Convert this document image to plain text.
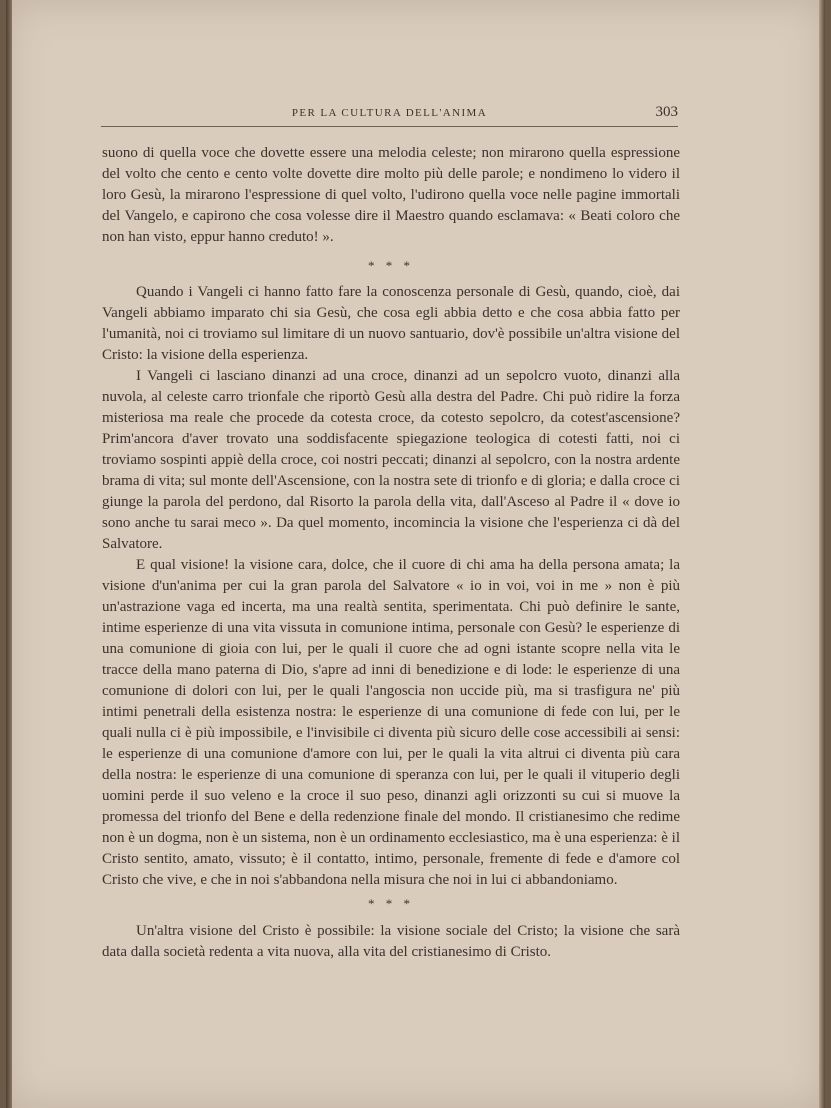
PER LA CULTURA DELL'ANIMA	303

suono di quella voce che dovette essere una melodia celeste; non mirarono quella espressione del volto che cento e cento volte dovette dire molto più delle parole; e nondimeno lo videro il loro Gesù, la mirarono l'espressione di quel volto, l'udirono quella voce nelle pagine immortali del Vangelo, e capirono che cosa volesse dire il Maestro quando esclamava: « Beati coloro che non han visto, eppur hanno creduto! ».

* * *

Quando i Vangeli ci hanno fatto fare la conoscenza personale di Gesù, quando, cioè, dai Vangeli abbiamo imparato chi sia Gesù, che cosa egli abbia detto e che cosa abbia fatto per l'umanità, noi ci troviamo sul limitare di un nuovo santuario, dov'è possibile un'altra visione del Cristo: la visione della esperienza.

I Vangeli ci lasciano dinanzi ad una croce, dinanzi ad un sepolcro vuoto, dinanzi alla nuvola, al celeste carro trionfale che riportò Gesù alla destra del Padre. Chi può ridire la forza misteriosa ma reale che procede da cotesta croce, da cotesto sepolcro, da cotest'ascensione? Prim'ancora d'aver trovato una soddisfacente spiegazione teologica di cotesti fatti, noi ci troviamo sospinti appiè della croce, coi nostri peccati; dinanzi al sepolcro, con la nostra ardente brama di vita; sul monte dell'Ascensione, con la nostra sete di trionfo e di gloria; e dalla croce ci giunge la parola del perdono, dal Risorto la parola della vita, dall'Asceso al Padre il « dove io sono anche tu sarai meco ». Da quel momento, incomincia la visione che l'esperienza ci dà del Salvatore.

E qual visione! la visione cara, dolce, che il cuore di chi ama ha della persona amata; la visione d'un'anima per cui la gran parola del Salvatore « io in voi, voi in me » non è più un'astrazione vaga ed incerta, ma una realtà sentita, sperimentata. Chi può definire le sante, intime esperienze di una vita vissuta in comunione intima, personale con Gesù? le esperienze di una comunione di gioia con lui, per le quali il cuore che ad ogni istante scopre nella vita le tracce della mano paterna di Dio, s'apre ad inni di benedizione e di lode: le esperienze di una comunione di dolori con lui, per le quali l'angoscia non uccide più, ma si trasfigura ne' più intimi penetrali della esistenza nostra: le esperienze di una comunione di fede con lui, per le quali nulla ci è più impossibile, e l'invisibile ci diventa più sicuro delle cose accessibili ai sensi: le esperienze di una comunione d'amore con lui, per le quali la vita altrui ci diventa più cara della nostra: le esperienze di una comunione di speranza con lui, per le quali il vituperio degli uomini perde il suo veleno e la croce il suo peso, dinanzi agli orizzonti su cui si muove la promessa del trionfo del Bene e della redenzione finale del mondo. Il cristianesimo che redime non è un dogma, non è un sistema, non è un ordinamento ecclesiastico, ma è una esperienza: è il Cristo sentito, amato, vissuto; è il contatto, intimo, personale, fremente di fede e d'amore col Cristo che vive, e che in noi s'abbandona nella misura che noi in lui ci abbandoniamo.

* * *

Un'altra visione del Cristo è possibile: la visione sociale del Cristo; la visione che sarà data dalla società redenta a vita nuova, alla vita del cristianesimo di Cristo.
